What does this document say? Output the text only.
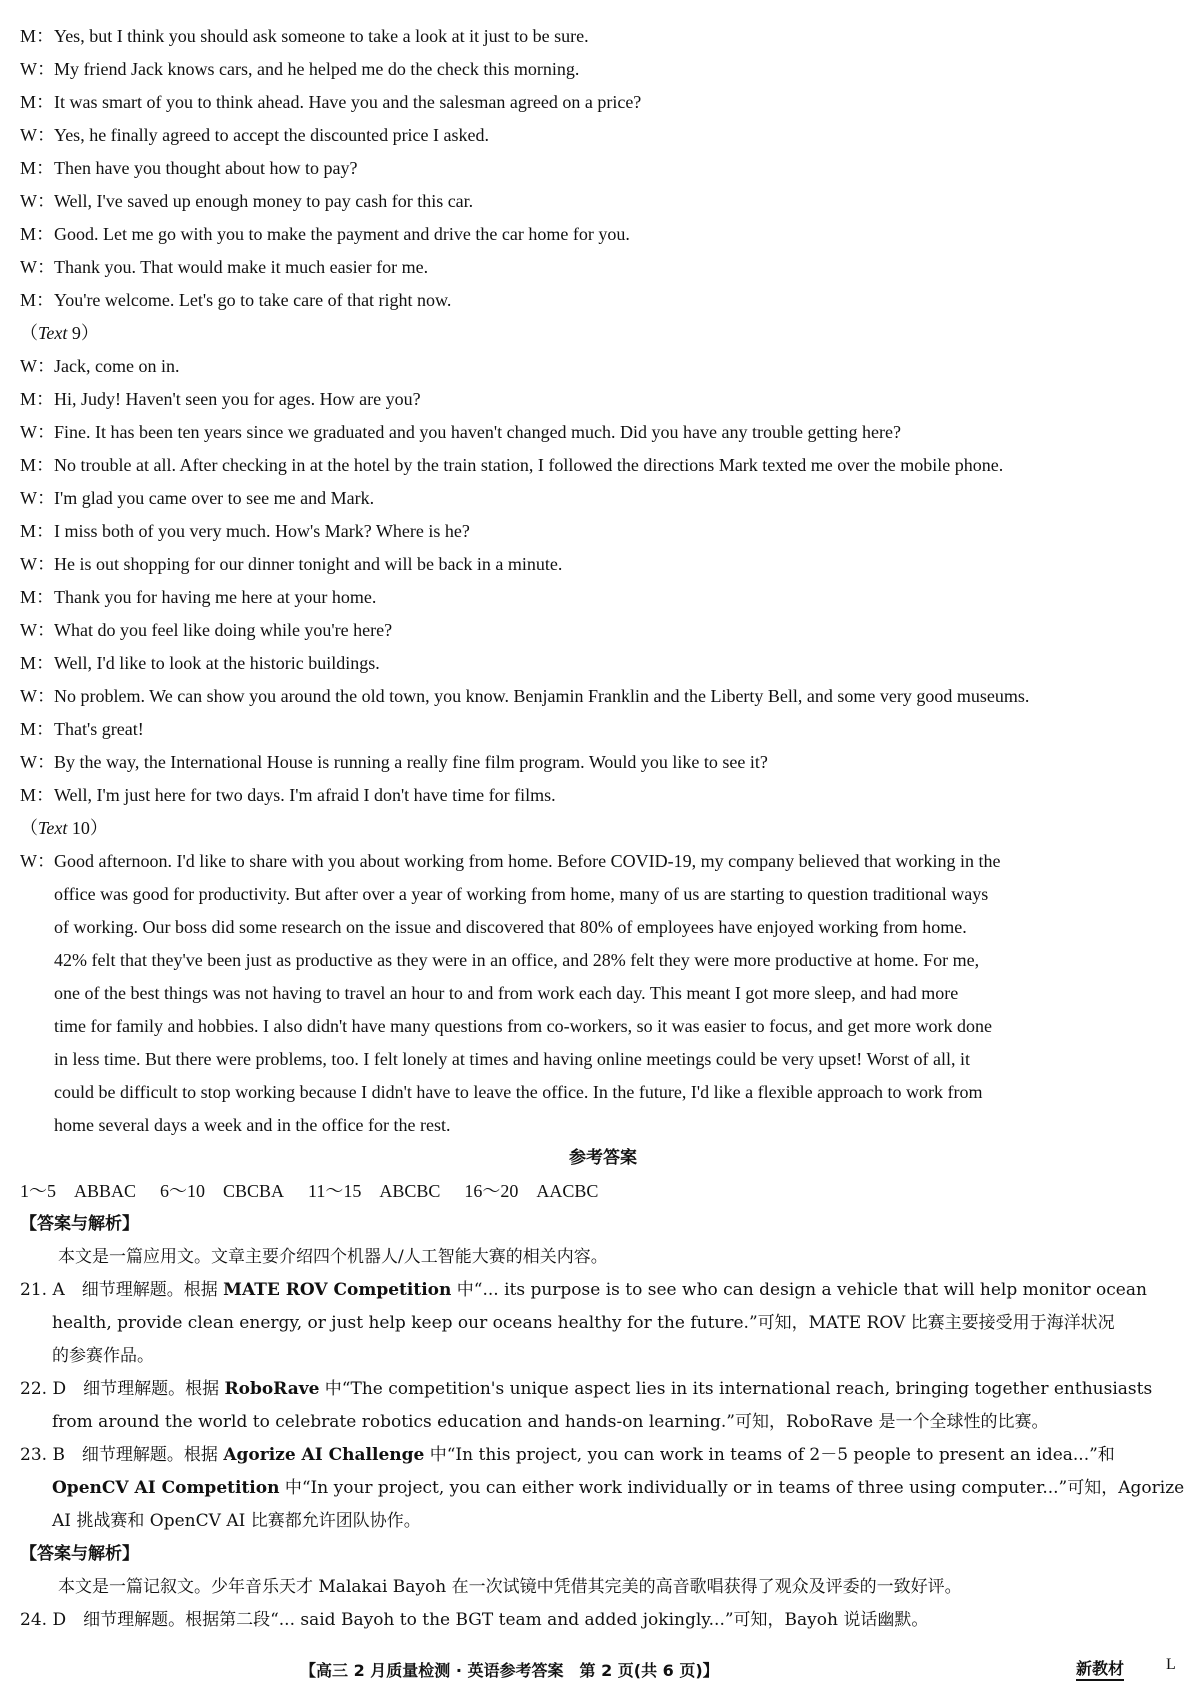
M：Yes, but I think you should ask someone to take a look at it just to be sure.
W：My friend Jack knows cars, and he helped me do the check this morning.
M：It was smart of you to think ahead. Have you and the salesman agreed on a price?
W：Yes, he finally agreed to accept the discounted price I asked.
M：Then have you thought about how to pay?
W：Well, I've saved up enough money to pay cash for this car.
M：Good. Let me go with you to make the payment and drive the car home for you.
W：Thank you. That would make it much easier for me.
M：You're welcome. Let's go to take care of that right now.
（Text 9）
W：Jack, come on in.
M：Hi, Judy! Haven't seen you for ages. How are you?
W：Fine. It has been ten years since we graduated and you haven't changed much. Did you have any trouble getting here?
M：No trouble at all. After checking in at the hotel by the train station, I followed the directions Mark texted me over the mobile phone.
W：I'm glad you came over to see me and Mark.
M：I miss both of you very much. How's Mark? Where is he?
W：He is out shopping for our dinner tonight and will be back in a minute.
M：Thank you for having me here at your home.
W：What do you feel like doing while you're here?
M：Well, I'd like to look at the historic buildings.
W：No problem. We can show you around the old town, you know. Benjamin Franklin and the Liberty Bell, and some very good museums.
M：That's great!
W：By the way, the International House is running a really fine film program. Would you like to see it?
M：Well, I'm just here for two days. I'm afraid I don't have time for films.
（Text 10）
W：Good afternoon. I'd like to share with you about working from home. Before COVID-19, my company believed that working in the
office was good for productivity. But after over a year of working from home, many of us are starting to question traditional ways
of working. Our boss did some research on the issue and discovered that 80% of employees have enjoyed working from home.
42% felt that they've been just as productive as they were in an office, and 28% felt they were more productive at home. For me,
one of the best things was not having to travel an hour to and from work each day. This meant I got more sleep, and had more
time for family and hobbies. I also didn't have many questions from co-workers, so it was easier to focus, and get more work done
in less time. But there were problems, too. I felt lonely at times and having online meetings could be very upset! Worst of all, it
could be difficult to stop working because I didn't have to leave the office. In the future, I'd like a flexible approach to work from
home several days a week and in the office for the rest.
参考答案
1～5 ABBAC 6～10 CBCBA 11～15 ABCBC 16～20 AACBC
【答案与解析】
本文是一篇应用文。文章主要介绍四个机器人/人工智能大赛的相关内容。
21. A　细节理解题。根据 MATE ROV Competition 中“... its purpose is to see who can design a vehicle that will help monitor ocean
health, provide clean energy, or just help keep our oceans healthy for the future.”可知，MATE ROV 比赛主要接受用于海洋状况
的参赛作品。
22. D　细节理解题。根据 RoboRave 中“The competition's unique aspect lies in its international reach, bringing together enthusiasts
from around the world to celebrate robotics education and hands-on learning.”可知，RoboRave 是一个全球性的比赛。
23. B　细节理解题。根据 Agorize AI Challenge 中“In this project, you can work in teams of 2－5 people to present an idea...”和
OpenCV AI Competition 中“In your project, you can either work individually or in teams of three using computer...”可知，Agorize
AI 挑战赛和 OpenCV AI 比赛都允许团队协作。
【答案与解析】
本文是一篇记叙文。少年音乐天才 Malakai Bayoh 在一次试镜中凭借其完美的高音歌唱获得了观众及评委的一致好评。
24. D　细节理解题。根据第二段“... said Bayoh to the BGT team and added jokingly...”可知，Bayoh 说话幽默。
【高三 2 月质量检测 · 英语参考答案　第 2 页(共 6 页)】	新教材	L
